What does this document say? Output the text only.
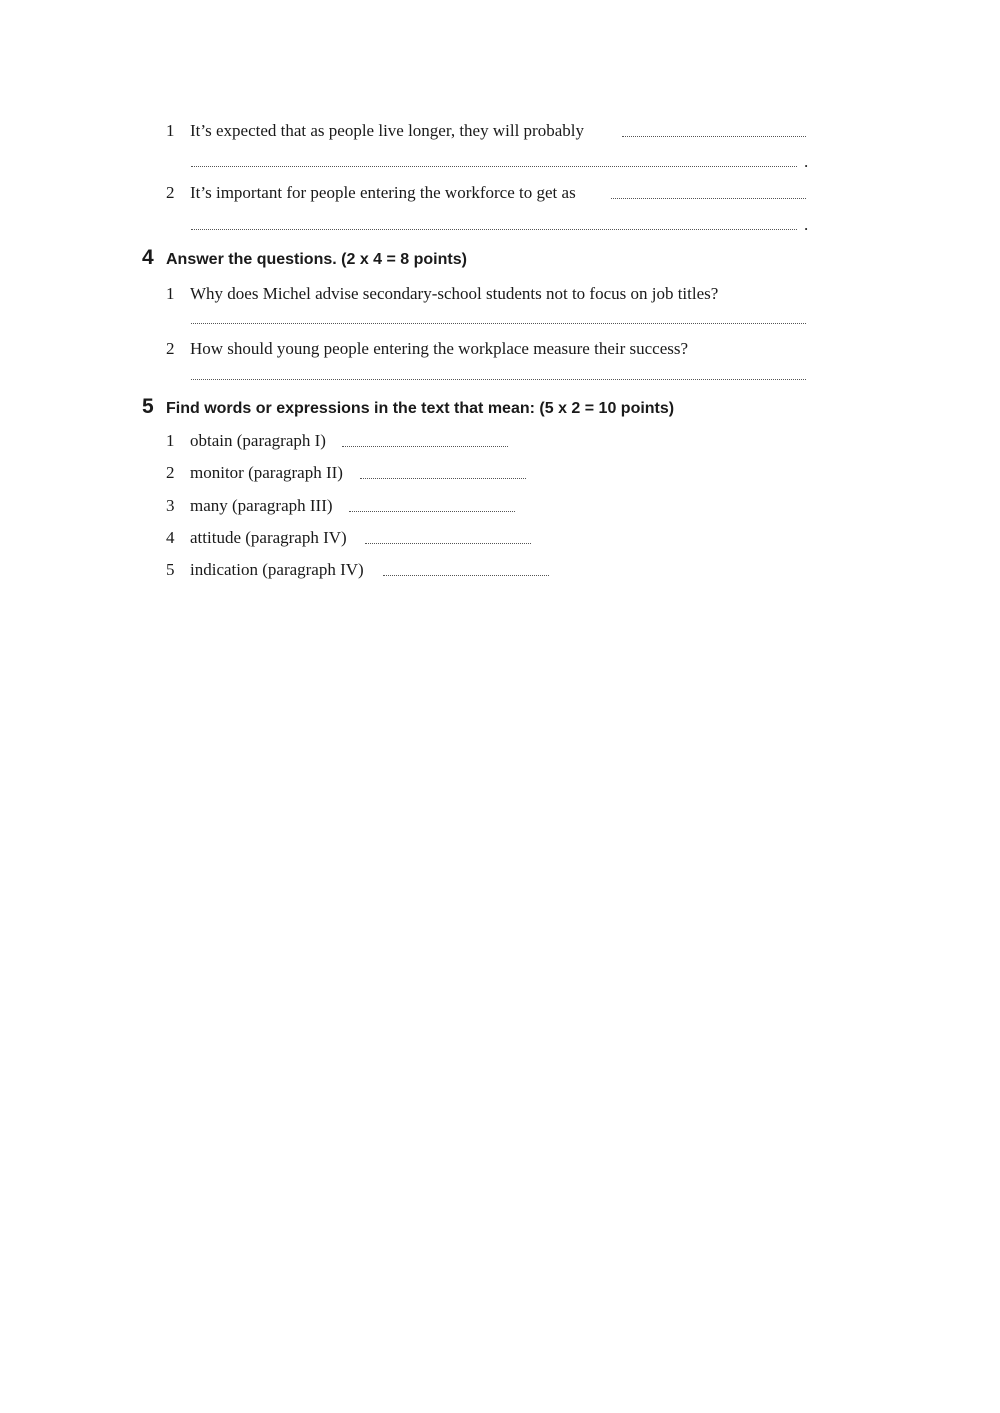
1 It’s expected that as people live longer, they will probably
.
2 It’s important for people entering the workforce to get as
.
4 Answer the questions. (2 x 4 = 8 points)
1 Why does Michel advise secondary-school students not to focus on job titles?
2 How should young people entering the workplace measure their success?
5 Find words or expressions in the text that mean: (5 x 2 = 10 points)
1 obtain (paragraph I)
2 monitor (paragraph II)
3 many (paragraph III)
4 attitude (paragraph IV)
5 indication (paragraph IV)
